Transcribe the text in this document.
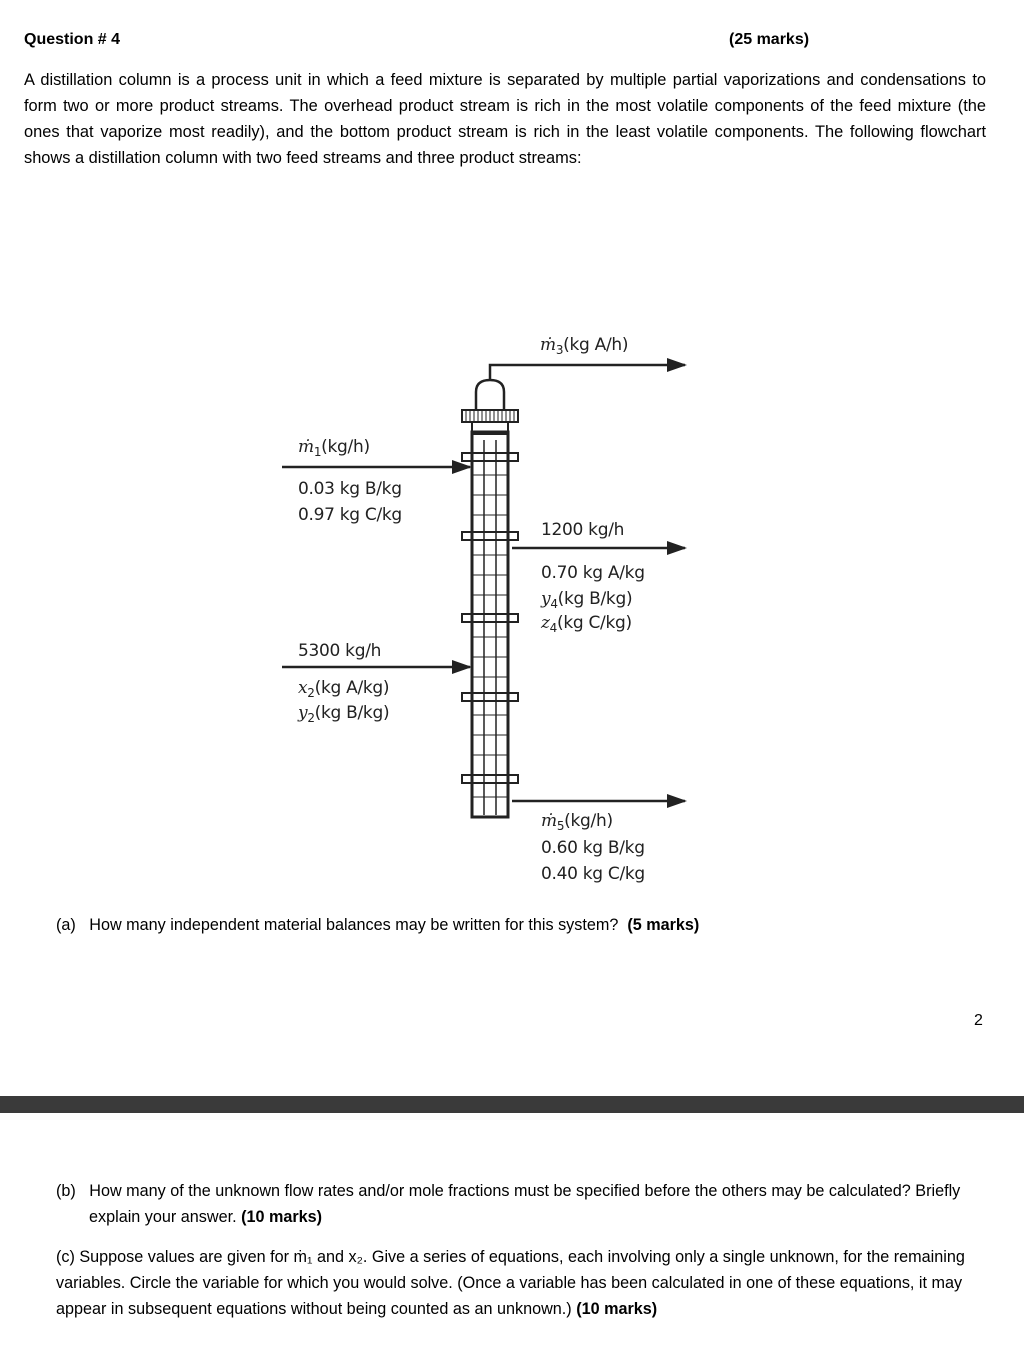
Question # 4	(25 marks)
A distillation column is a process unit in which a feed mixture is separated by multiple partial vaporizations and condensations to form two or more product streams. The overhead product stream is rich in the most volatile components of the feed mixture (the ones that vaporize most readily), and the bottom product stream is rich in the least volatile components. The following flowchart shows a distillation column with two feed streams and three product streams:
ṁ$_3$(kg A/h)
ṁ$_1$(kg/h)
0.03 kg B/kg
0.97 kg C/kg
1200 kg/h
0.70 kg A/kg
$y_4(kg$ B/kg)
$z_4(kg$ C/kg)
5300 kg/h
$x_2(kg$ A/kg)
$y_2(kg$ B/kg)
ṁ$_5$(kg/h)
0.60 kg B/kg
0.40 kg C/kg
(a) How many independent material balances may be written for this system? (5 marks)
2
(b) How many of the unknown flow rates and/or mole fractions must be specified before the others may be calculated? Briefly explain your answer. (10 marks)
(c) Suppose values are given for ṁ₁ and x₂. Give a series of equations, each involving only a single unknown, for the remaining variables. Circle the variable for which you would solve. (Once a variable has been calculated in one of these equations, it may appear in subsequent equations without being counted as an unknown.) (10 marks)
